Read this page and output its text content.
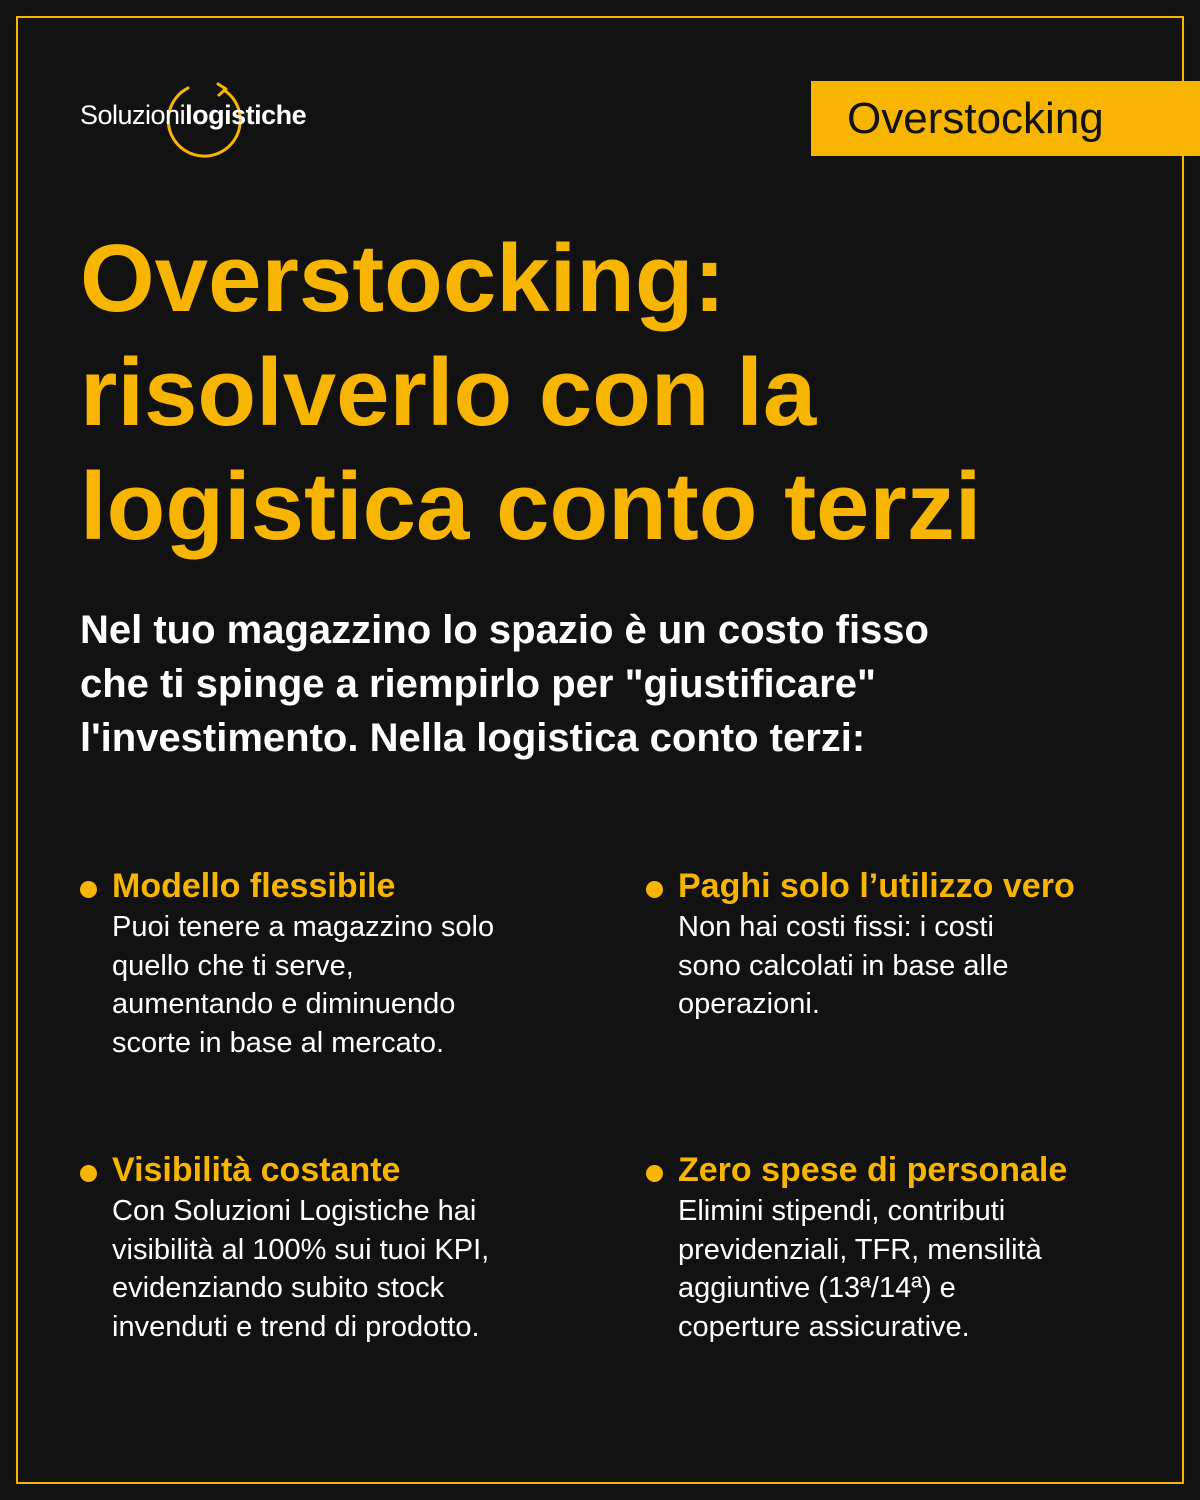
Soluzionilogistiche	Overstocking
Overstocking:
risolverlo con la
logistica conto terzi

Nel tuo magazzino lo spazio è un costo fisso
che ti spinge a riempirlo per "giustificare"
l'investimento. Nella logistica conto terzi:

Modello flessibile

Puoi tenere a magazzino solo
quello che ti serve,
aumentando e diminuendo
scorte in base al mercato.

Paghi solo l’utilizzo vero

Non hai costi fissi: i costi
sono calcolati in base alle
operazioni.

Visibilità costante

Con Soluzioni Logistiche hai
visibilità al 100% sui tuoi KPI,
evidenziando subito stock
invenduti e trend di prodotto.

Zero spese di personale

Elimini stipendi, contributi
previdenziali, TFR, mensilità
aggiuntive (13ª/14ª) e
coperture assicurative.
